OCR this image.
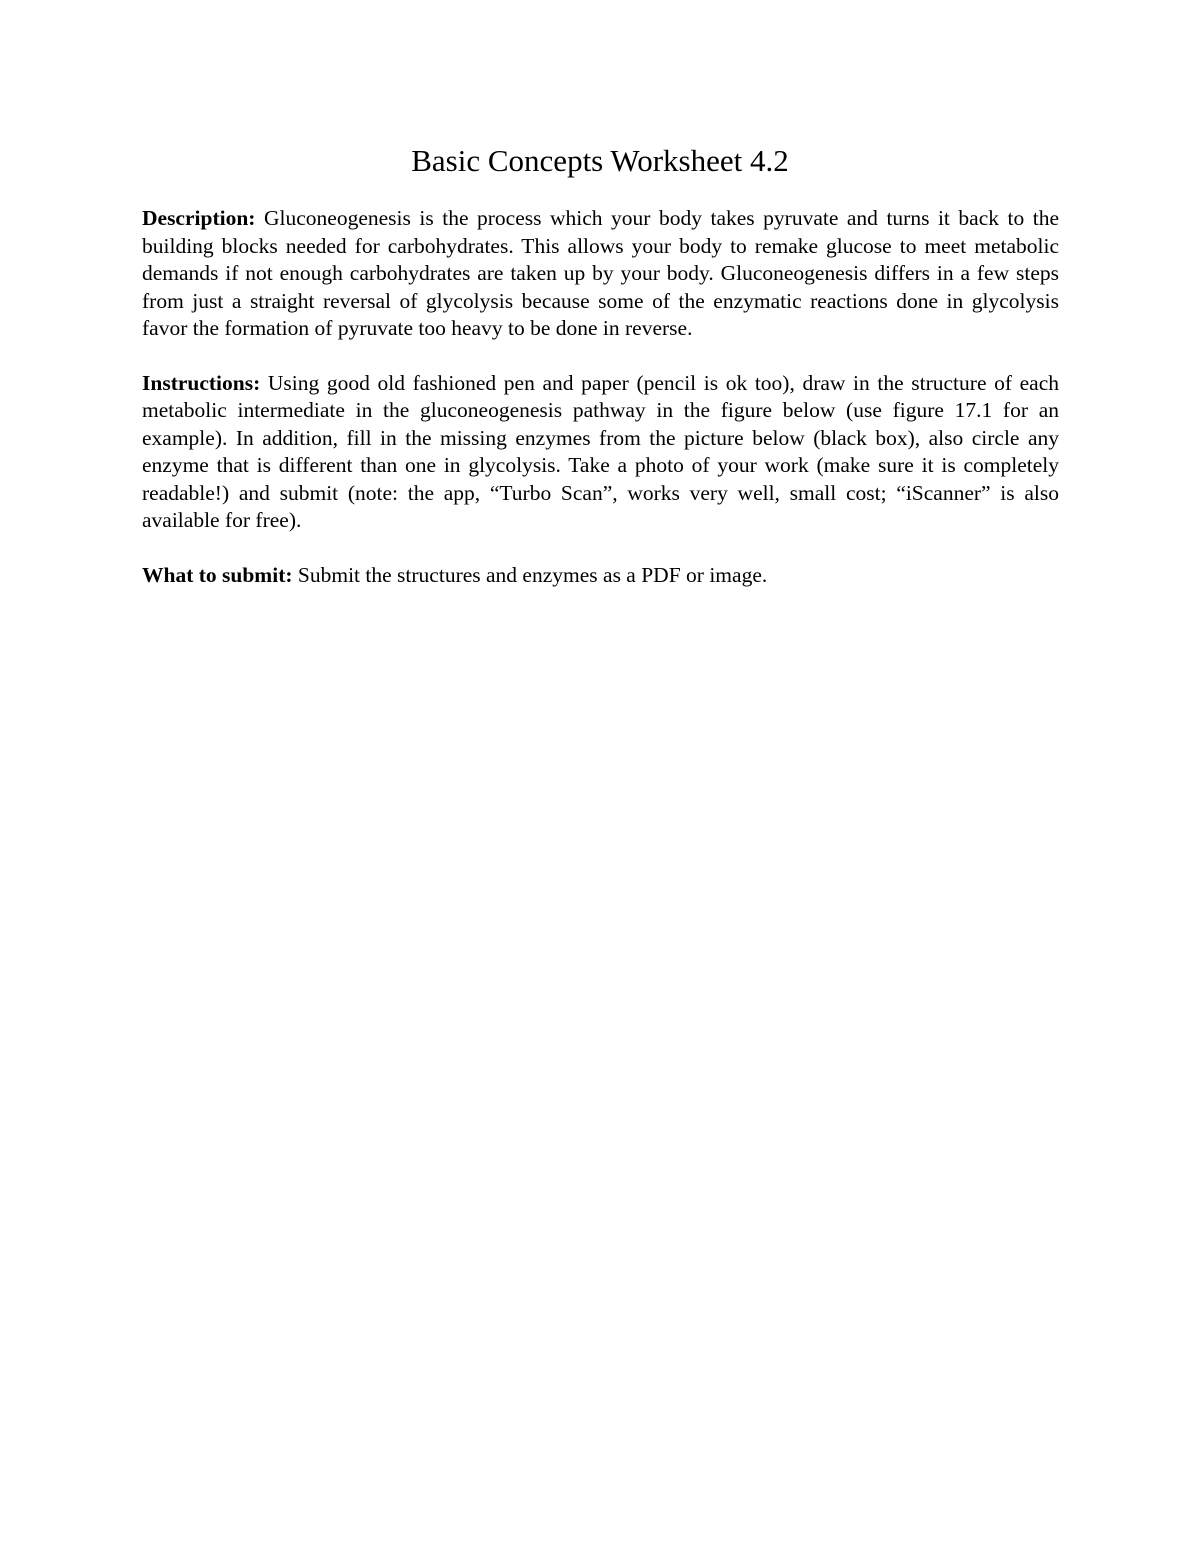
Basic Concepts Worksheet 4.2

Description: Gluconeogenesis is the process which your body takes pyruvate and turns it back to the building blocks needed for carbohydrates. This allows your body to remake glucose to meet metabolic demands if not enough carbohydrates are taken up by your body. Gluconeogenesis differs in a few steps from just a straight reversal of glycolysis because some of the enzymatic reactions done in glycolysis favor the formation of pyruvate too heavy to be done in reverse.

Instructions: Using good old fashioned pen and paper (pencil is ok too), draw in the structure of each metabolic intermediate in the gluconeogenesis pathway in the figure below (use figure 17.1 for an example). In addition, fill in the missing enzymes from the picture below (black box), also circle any enzyme that is different than one in glycolysis. Take a photo of your work (make sure it is completely readable!) and submit (note: the app, “Turbo Scan”, works very well, small cost; “iScanner” is also available for free).

What to submit: Submit the structures and enzymes as a PDF or image.
